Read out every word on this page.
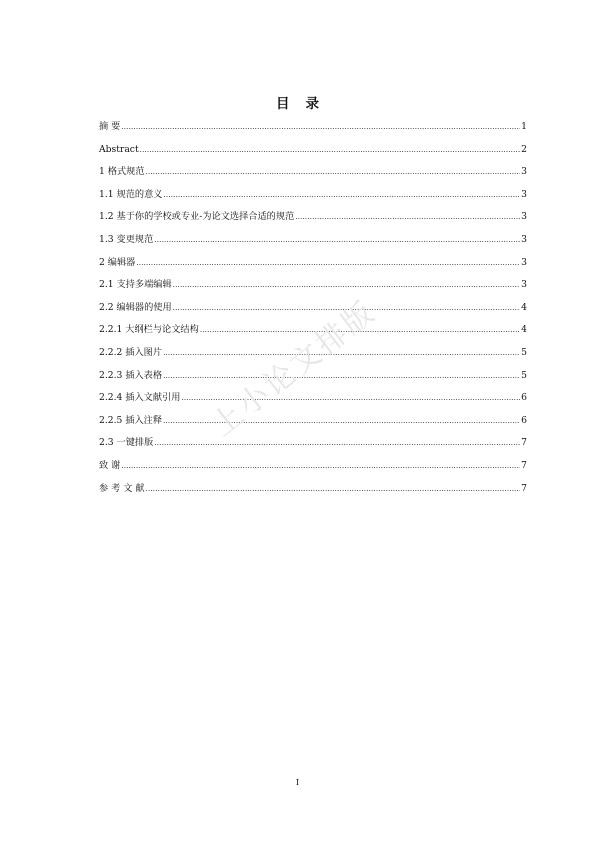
目 录
摘 要 .....	1
Abstract .....	2
1 格式规范 .....	3
1.1 规范的意义 .....	3
1.2 基于你的学校或专业-为论文选择合适的规范 .....	3
1.3 变更规范 .....	3
2 编辑器 .....	3
2.1 支持多端编辑 .....	3
2.2 编辑器的使用 .....	4
2.2.1 大纲栏与论文结构 .....	4
2.2.2 插入图片 .....	5
2.2.3 插入表格 .....	5
2.2.4 插入文献引用 .....	6
2.2.5 插入注释 .....	6
2.3 一键排版 .....	7
致 谢 .....	7
参 考 文 献 .....	7
上小论文排版
I
